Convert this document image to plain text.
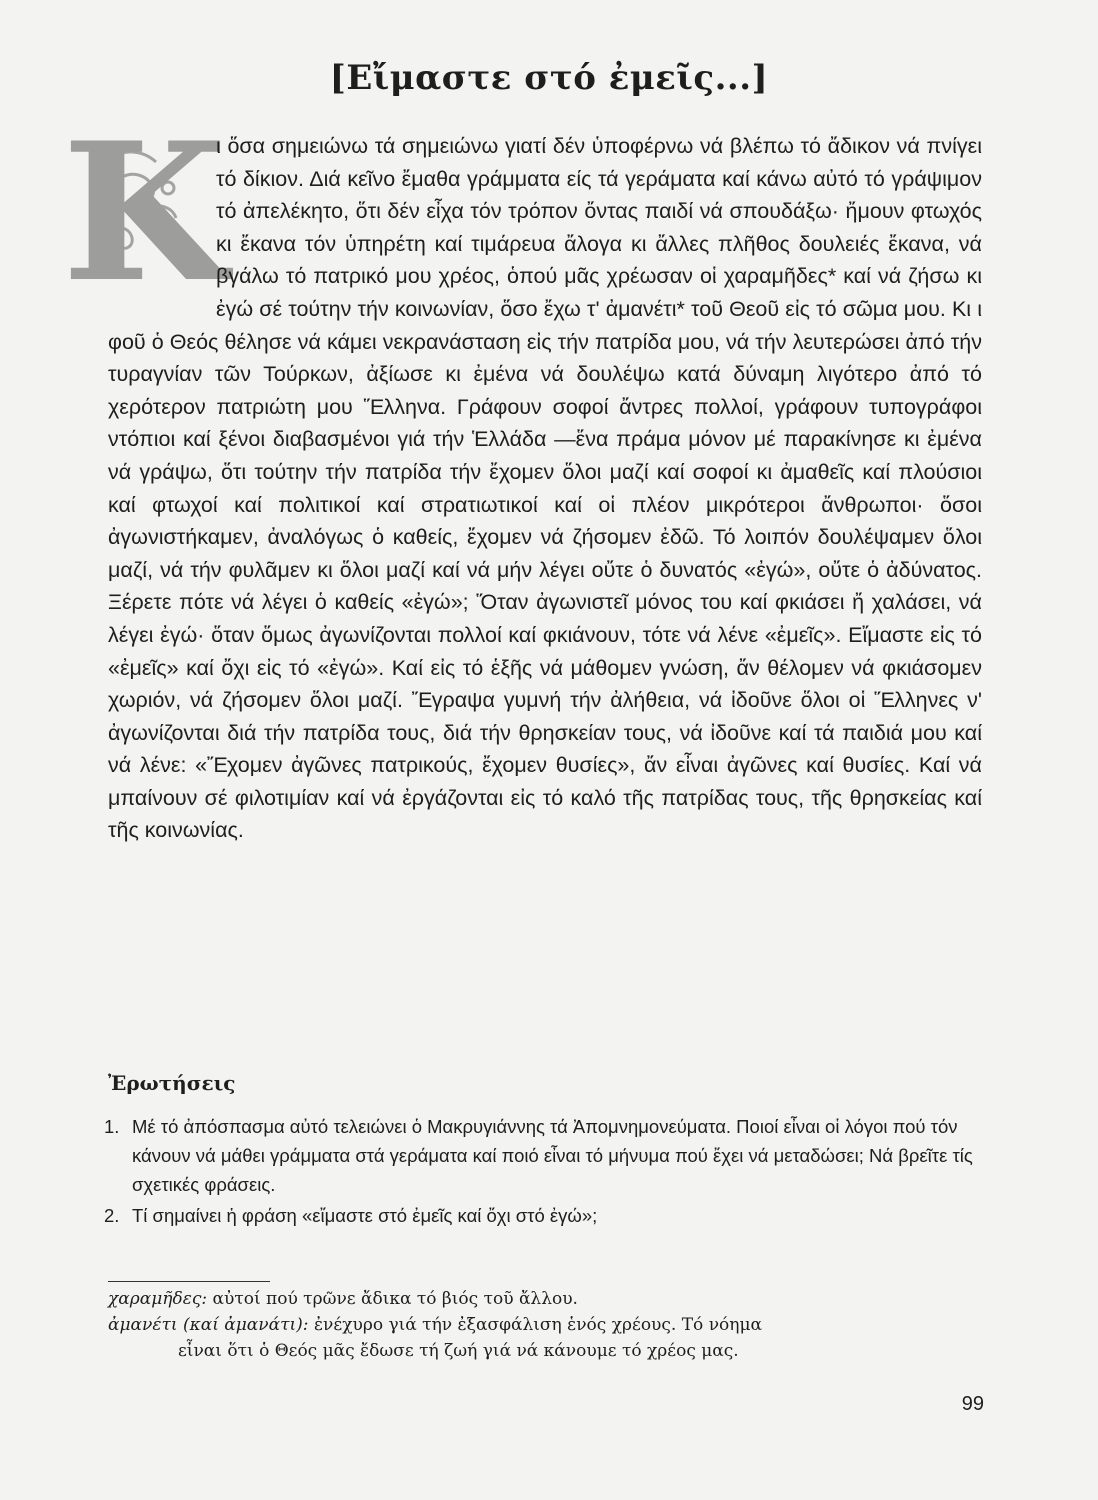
[Εἴμαστε στό ἐμεῖς...]
Κ

ι ὅσα σημειώνω τά σημειώνω γιατί δέν ὑποφέρνω νά βλέπω τό ἄδικον νά πνίγει τό δίκιον. Διά κεῖνο ἔμαθα γράμματα είς τά γεράματα καί κάνω αὐτό τό γράψιμον τό ἀπελέκητο, ὅτι δέν εἶχα τόν τρόπον ὄντας παιδί νά σπουδάξω· ἤμουν φτωχός κι ἔκανα τόν ὑπηρέτη καί τιμάρευα ἄλογα κι ἄλλες πλῆθος δουλειές ἔκανα, νά βγάλω τό πατρικό μου χρέος, ὁπού μᾶς χρέωσαν οἱ χαραμῆδες* καί νά ζήσω κι ἐγώ σέ τούτην τήν κοινωνίαν, ὅσο ἔχω τ' ἀμανέτι* τοῦ Θεοῦ εἰς τό σῶμα μου. Κι ι φοῦ ὁ Θεός θέλησε νά κάμει νεκρανάσταση εἰς τήν πατρίδα μου, νά τήν λευτερώσει ἀπό τήν τυραγνίαν τῶν Τούρκων, ἀξίωσε κι ἐμένα νά δουλέψω κατά δύναμη λιγότερο ἀπό τό χερότερον πατριώτη μου Ἕλληνα. Γράφουν σοφοί ἄντρες πολλοί, γράφουν τυπογράφοι ντόπιοι καί ξένοι διαβασμένοι γιά τήν Ἑλλάδα —ἕνα πράμα μόνον μέ παρακίνησε κι ἐμένα νά γράψω, ὅτι τούτην τήν πατρίδα τήν ἔχομεν ὅλοι μαζί καί σοφοί κι ἀμαθεῖς καί πλούσιοι καί φτωχοί καί πολιτικοί καί στρατιωτικοί καί οἱ πλέον μικρότεροι ἄνθρωποι· ὅσοι ἀγωνιστήκαμεν, ἀναλόγως ὁ καθείς, ἔχομεν νά ζήσομεν ἐδῶ. Τό λοιπόν δουλέψαμεν ὅλοι μαζί, νά τήν φυλᾶμεν κι ὅλοι μαζί καί νά μήν λέγει οὔτε ὁ δυνατός «ἐγώ», οὔτε ὁ ἀδύνατος. Ξέρετε πότε νά λέγει ὁ καθείς «ἐγώ»; Ὅταν ἀγωνιστεῖ μόνος του καί φκιάσει ἤ χαλάσει, νά λέγει ἐγώ· ὅταν ὅμως ἀγωνίζονται πολλοί καί φκιάνουν, τότε νά λένε «ἐμεῖς». Εἴμαστε εἰς τό «ἐμεῖς» καί ὄχι εἰς τό «ἐγώ». Καί εἰς τό ἑξῆς νά μάθομεν γνώση, ἄν θέλομεν νά φκιάσομεν χωριόν, νά ζήσομεν ὅλοι μαζί. Ἔγραψα γυμνή τήν ἀλήθεια, νά ἰδοῦνε ὅλοι οἱ Ἕλληνες ν' ἀγωνίζονται διά τήν πατρίδα τους, διά τήν θρησκείαν τους, νά ἰδοῦνε καί τά παιδιά μου καί νά λένε: «Ἔχομεν ἀγῶνες πατρικούς, ἔχομεν θυσίες», ἄν εἶναι ἀγῶνες καί θυσίες. Καί νά μπαίνουν σέ φιλοτιμίαν καί νά ἐργάζονται εἰς τό καλό τῆς πατρίδας τους, τῆς θρησκείας καί τῆς κοινωνίας.

Ἐρωτήσεις
1. Μέ τό ἀπόσπασμα αὐτό τελειώνει ὁ Μακρυγιάννης τά Ἀπομνημονεύματα. Ποιοί εἶναι οἱ λόγοι πού τόν κάνουν νά μάθει γράμματα στά γεράματα καί ποιό εἶναι τό μήνυμα πού ἔχει νά μεταδώσει; Νά βρεῖτε τίς σχετικές φράσεις.
2. Τί σημαίνει ἡ φράση «εἴμαστε στό ἐμεῖς καί ὄχι στό ἐγώ»;

χαραμῆδες: αὐτοί πού τρῶνε ἄδικα τό βιός τοῦ ἄλλου.

ἀμανέτι (καί ἀμανάτι): ἐνέχυρο γιά τήν ἐξασφάλιση ἑνός χρέους. Τό νόημα

εἶναι ὅτι ὁ Θεός μᾶς ἔδωσε τή ζωή γιά νά κάνουμε τό χρέος μας.

99
